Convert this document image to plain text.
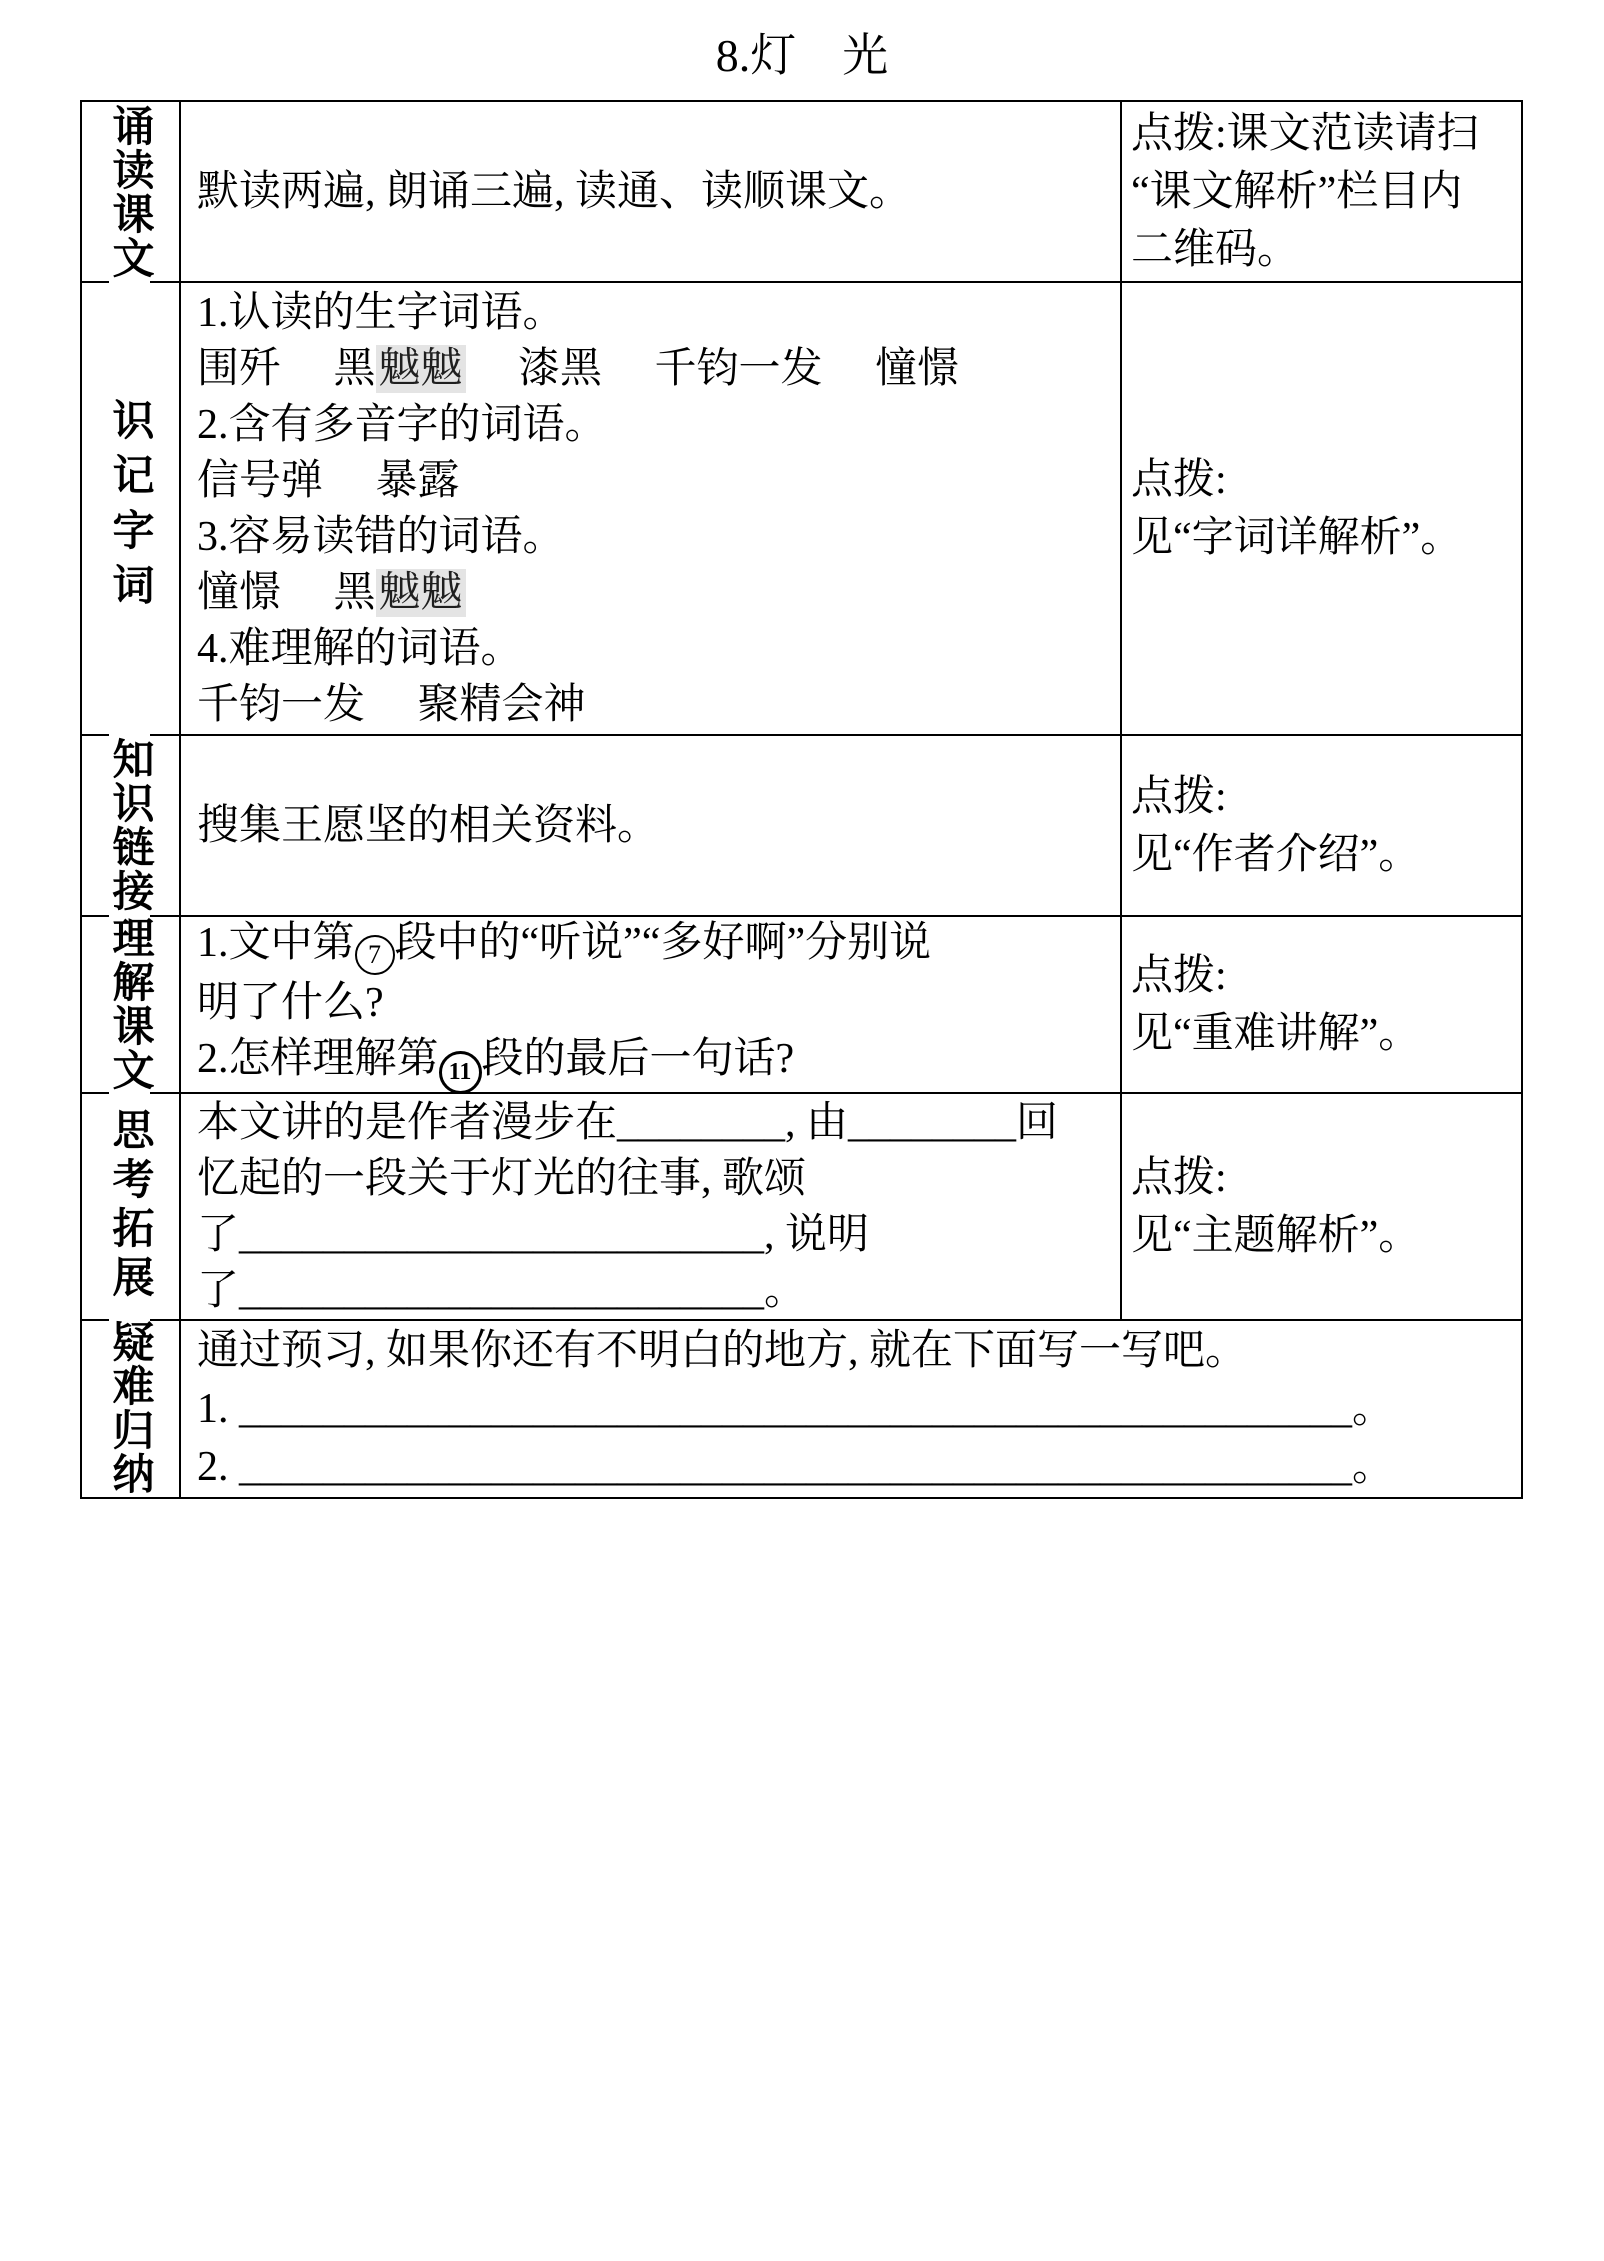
8.灯　光
诵读课文 默读两遍, 朗诵三遍, 读通、读顺课文。
点拨:课文范读请扫
“课文解析”栏目内
二维码。
识记字词
1.认读的生字词语。
围歼　 黑魆魆　 漆黑　 千钧一发　 憧憬
2.含有多音字的词语。
信号弹　 暴露
3.容易读错的词语。
憧憬　 黑魆魆
4.难理解的词语。
千钧一发　 聚精会神
点拨:
见“字词详解析”。
知识链接 搜集王愿坚的相关资料。
点拨:
见“作者介绍”。
理解课文 1.文中第 7 段中的“听说”“多好啊”分别说
明了什么?
2.怎样理解第 11 段的最后一句话?
点拨:
见“重难讲解”。
思考拓展 本文讲的是作者漫步在________, 由________回
忆起的一段关于灯光的往事, 歌颂
了_________________________, 说明
了_________________________。
点拨:
见“主题解析”。
疑难归纳 通过预习, 如果你还有不明白的地方, 就在下面写一写吧。
1. _____________________________________________________。
2. _____________________________________________________。
